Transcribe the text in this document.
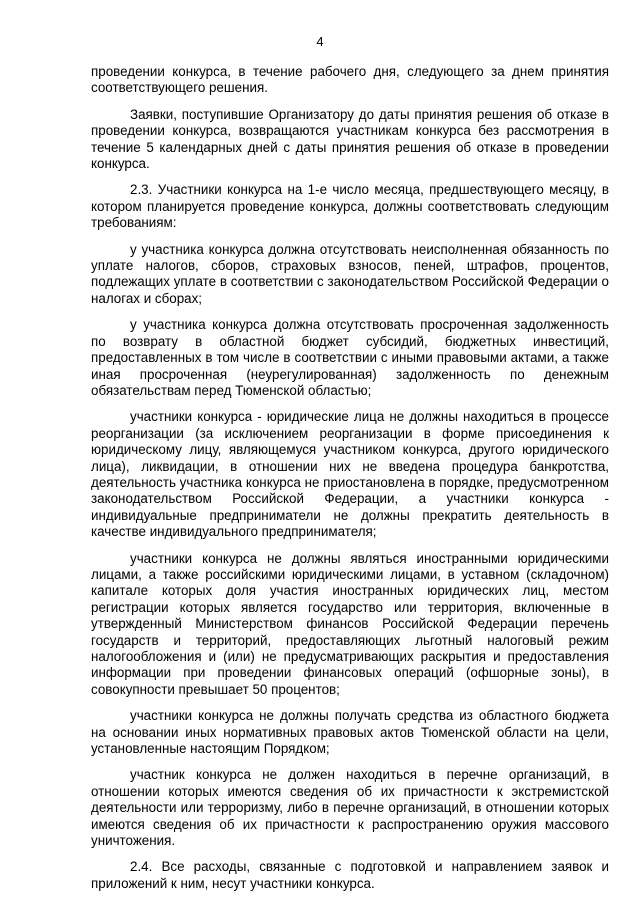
4

проведении конкурса, в течение рабочего дня, следующего за днем принятия соответствующего решения.

Заявки, поступившие Организатору до даты принятия решения об отказе в проведении конкурса, возвращаются участникам конкурса без рассмотрения в течение 5 календарных дней с даты принятия решения об отказе в проведении конкурса.

2.3. Участники конкурса на 1-е число месяца, предшествующего месяцу, в котором планируется проведение конкурса, должны соответствовать следующим требованиям:

у участника конкурса должна отсутствовать неисполненная обязанность по уплате налогов, сборов, страховых взносов, пеней, штрафов, процентов, подлежащих уплате в соответствии с законодательством Российской Федерации о налогах и сборах;

у участника конкурса должна отсутствовать просроченная задолженность по возврату в областной бюджет субсидий, бюджетных инвестиций, предоставленных в том числе в соответствии с иными правовыми актами, а также иная просроченная (неурегулированная) задолженность по денежным обязательствам перед Тюменской областью;

участники конкурса - юридические лица не должны находиться в процессе реорганизации (за исключением реорганизации в форме присоединения к юридическому лицу, являющемуся участником конкурса, другого юридического лица), ликвидации, в отношении них не введена процедура банкротства, деятельность участника конкурса не приостановлена в порядке, предусмотренном законодательством Российской Федерации, а участники конкурса - индивидуальные предприниматели не должны прекратить деятельность в качестве индивидуального предпринимателя;

участники конкурса не должны являться иностранными юридическими лицами, а также российскими юридическими лицами, в уставном (складочном) капитале которых доля участия иностранных юридических лиц, местом регистрации которых является государство или территория, включенные в утвержденный Министерством финансов Российской Федерации перечень государств и территорий, предоставляющих льготный налоговый режим налогообложения и (или) не предусматривающих раскрытия и предоставления информации при проведении финансовых операций (офшорные зоны), в совокупности превышает 50 процентов;

участники конкурса не должны получать средства из областного бюджета на основании иных нормативных правовых актов Тюменской области на цели, установленные настоящим Порядком;

участник конкурса не должен находиться в перечне организаций, в отношении которых имеются сведения об их причастности к экстремистской деятельности или терроризму, либо в перечне организаций, в отношении которых имеются сведения об их причастности к распространению оружия массового уничтожения.

2.4. Все расходы, связанные с подготовкой и направлением заявок и приложений к ним, несут участники конкурса.
